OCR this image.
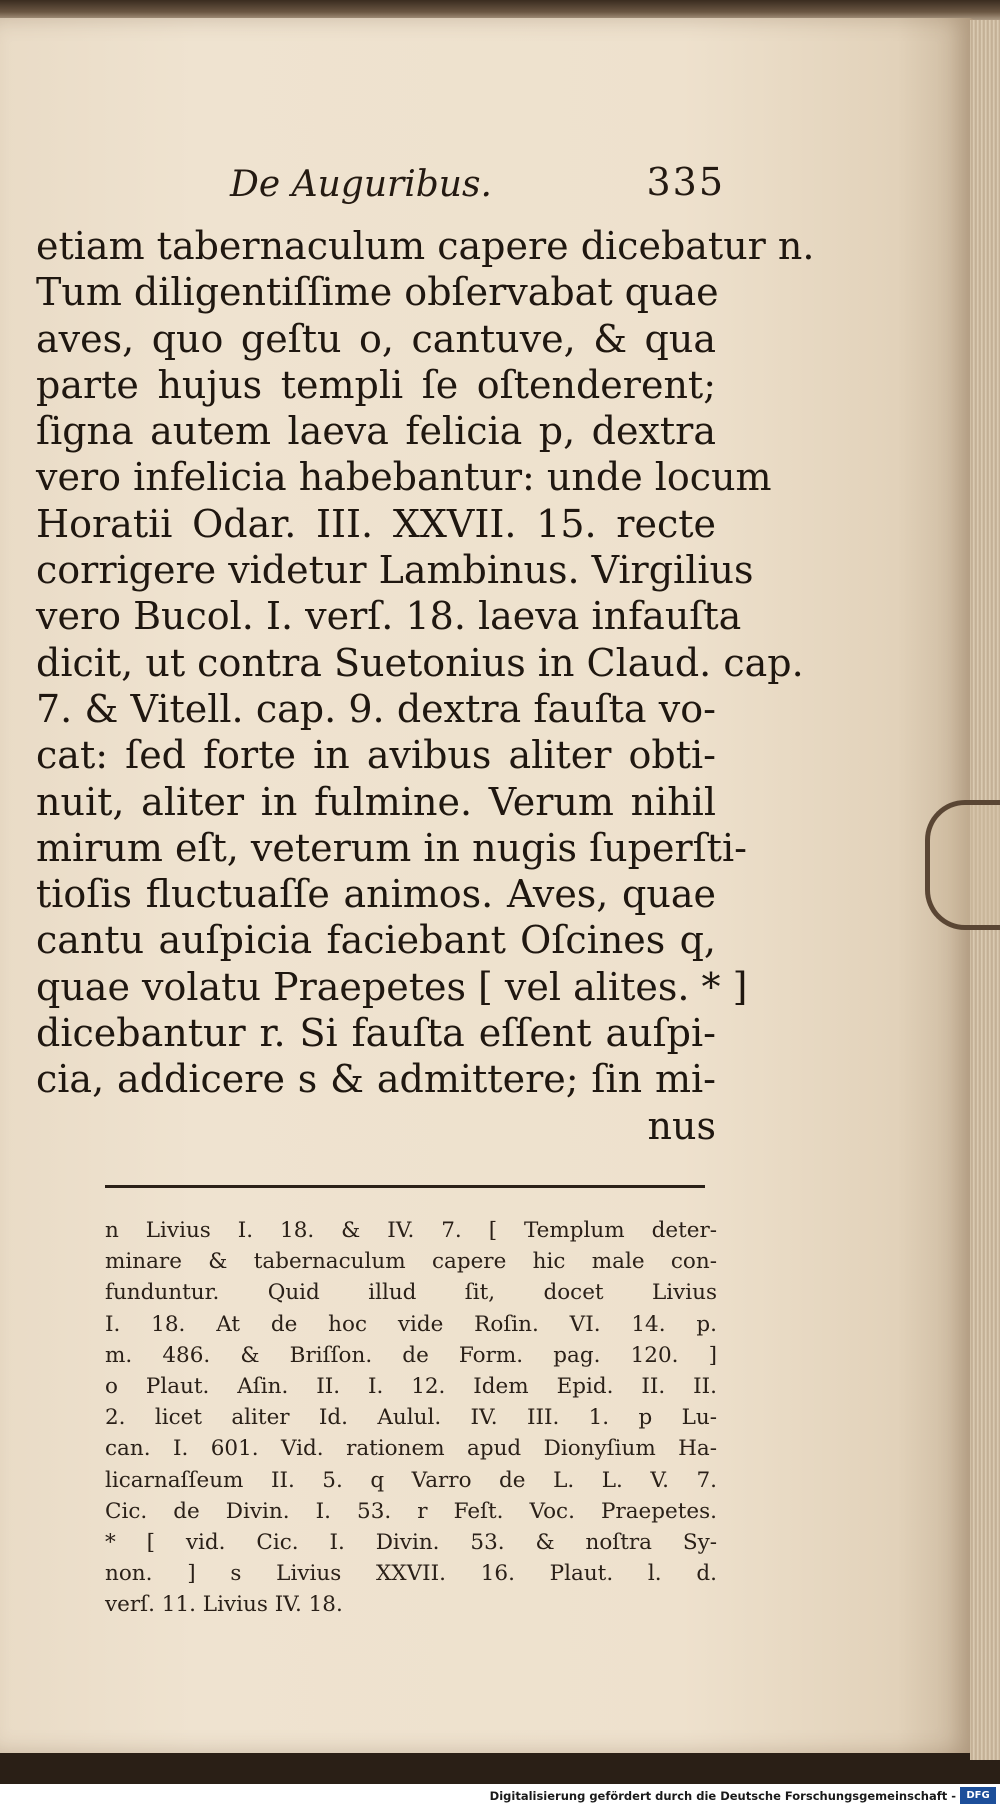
De Auguribus.	335
etiam tabernaculum capere dicebatur n.
Tum diligentiſſime obſervabat quae
aves, quo geſtu o, cantuve, & qua
parte hujus templi ſe oſtenderent;
ſigna autem laeva felicia p, dextra
vero infelicia habebantur: unde locum
Horatii Odar. III. XXVII. 15. recte
corrigere videtur Lambinus. Virgilius
vero Bucol. I. verſ. 18. laeva infauſta
dicit, ut contra Suetonius in Claud. cap.
7. & Vitell. cap. 9. dextra fauſta vo-
cat: ſed forte in avibus aliter obti-
nuit, aliter in fulmine. Verum nihil
mirum eſt, veterum in nugis ſuperſti-
tioſis fluctuaſſe animos. Aves, quae
cantu auſpicia faciebant Oſcines q,
quae volatu Praepetes [ vel alites. * ]
dicebantur r. Si fauſta eſſent auſpi-
cia, addicere s & admittere; ſin mi-
nus
n Livius I. 18. & IV. 7. [ Templum deter-
minare & tabernaculum capere hic male con-
funduntur. Quid illud ſit, docet Livius
I. 18. At de hoc vide Roſin. VI. 14. p.
m. 486. & Briſſon. de Form. pag. 120. ]
o Plaut. Aſin. II. I. 12. Idem Epid. II. II.
2. licet aliter Id. Aulul. IV. III. 1. p Lu-
can. I. 601. Vid. rationem apud Dionyſium Ha-
licarnaſſeum II. 5. q Varro de L. L. V. 7.
Cic. de Divin. I. 53. r Feſt. Voc. Praepetes.
* [ vid. Cic. I. Divin. 53. & noſtra Sy-
non. ] s Livius XXVII. 16. Plaut. l. d.
verſ. 11. Livius IV. 18.
Digitalisierung gefördert durch die Deutsche Forschungsgemeinschaft -	DFG
